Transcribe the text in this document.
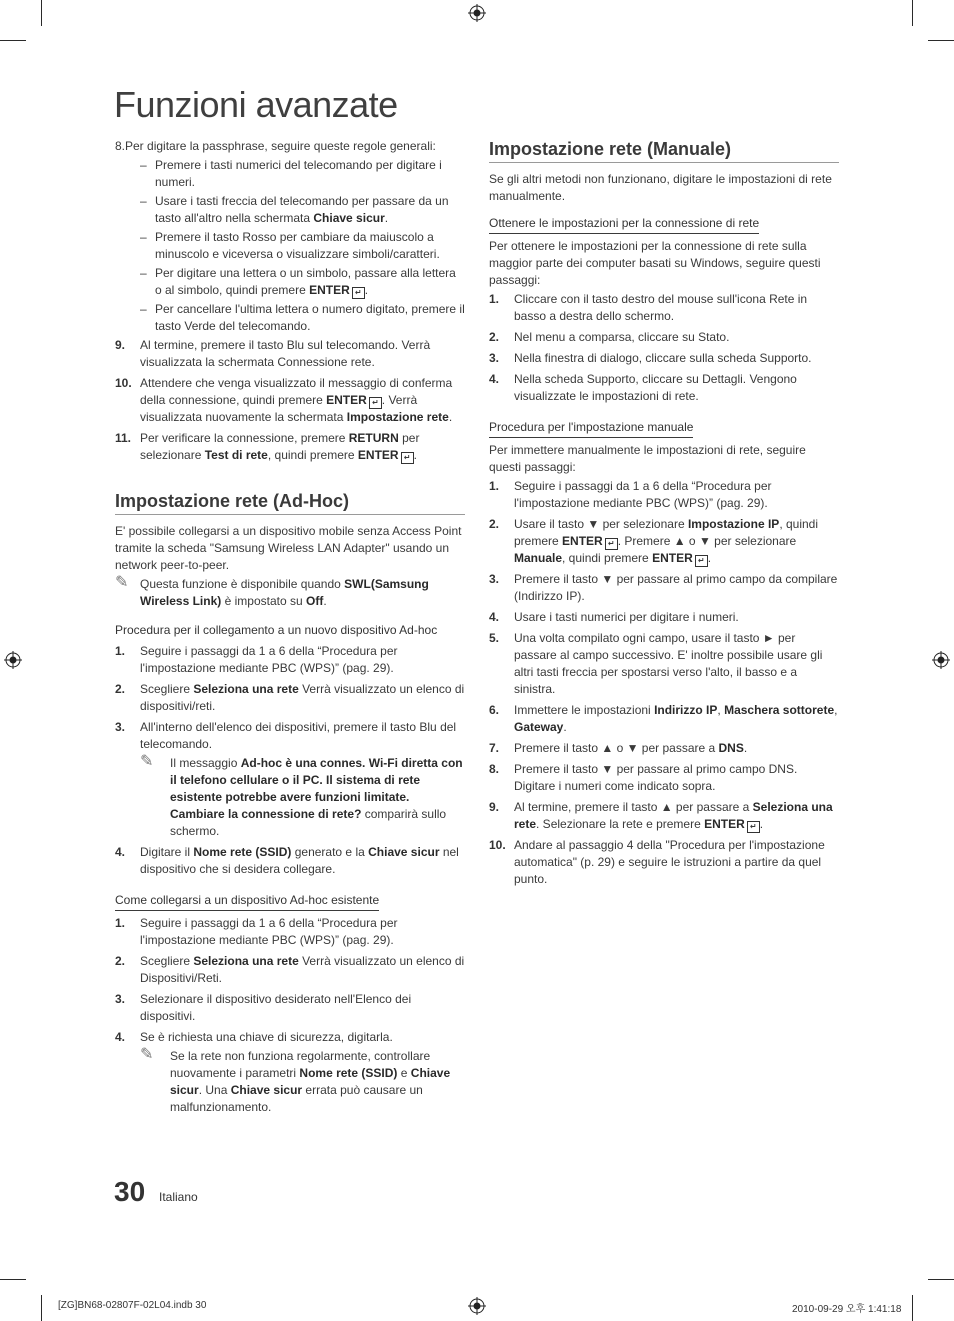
Funzioni avanzate

8.Per digitare la passphrase, seguire queste regole generali:

– Premere i tasti numerici del telecomando per digitare i numeri.
– Usare i tasti freccia del telecomando per passare da un tasto all'altro nella schermata Chiave sicur.
– Premere il tasto Rosso per cambiare da maiuscolo a minuscolo e viceversa o visualizzare simboli/caratteri.
– Per digitare una lettera o un simbolo, passare alla lettera o al simbolo, quindi premere ENTER ↵ .
– Per cancellare l'ultima lettera o numero digitato, premere il tasto Verde del telecomando.
9. Al termine, premere il tasto Blu sul telecomando. Verrà visualizzata la schermata Connessione rete.
10. Attendere che venga visualizzato il messaggio di conferma della connessione, quindi premere ENTER ↵ . Verrà visualizzata nuovamente la schermata Impostazione rete.
11. Per verificare la connessione, premere RETURN per selezionare Test di rete, quindi premere ENTER ↵ .
Impostazione rete (Ad-Hoc)

E' possibile collegarsi a un dispositivo mobile senza Access Point tramite la scheda "Samsung Wireless LAN Adapter" usando un network peer-to-peer.

✎ Questa funzione è disponibile quando SWL(Samsung Wireless Link) è impostato su Off.

Procedura per il collegamento a un nuovo dispositivo Ad-hoc

1. Seguire i passaggi da 1 a 6 della “Procedura per l'impostazione mediante PBC (WPS)” (pag. 29).
2. Scegliere Seleziona una rete Verrà visualizzato un elenco di dispositivi/reti.
3. All'interno dell'elenco dei dispositivi, premere il tasto Blu del telecomando.
✎ Il messaggio Ad-hoc è una connes. Wi-Fi diretta con il telefono cellulare o il PC. Il sistema di rete esistente potrebbe avere funzioni limitate. Cambiare la connessione di rete? comparirà sullo schermo.
4. Digitare il Nome rete (SSID) generato e la Chiave sicur nel dispositivo che si desidera collegare.

Come collegarsi a un dispositivo Ad-hoc esistente

1. Seguire i passaggi da 1 a 6 della “Procedura per l'impostazione mediante PBC (WPS)” (pag. 29).
2. Scegliere Seleziona una rete Verrà visualizzato un elenco di Dispositivi/Reti.
3. Selezionare il dispositivo desiderato nell'Elenco dei dispositivi.
4. Se è richiesta una chiave di sicurezza, digitarla.
✎ Se la rete non funziona regolarmente, controllare nuovamente i parametri Nome rete (SSID) e Chiave sicur. Una Chiave sicur errata può causare un malfunzionamento.
Impostazione rete (Manuale)

Se gli altri metodi non funzionano, digitare le impostazioni di rete manualmente.

Ottenere le impostazioni per la connessione di rete

Per ottenere le impostazioni per la connessione di rete sulla maggior parte dei computer basati su Windows, seguire questi passaggi:

1. Cliccare con il tasto destro del mouse sull'icona Rete in basso a destra dello schermo.
2. Nel menu a comparsa, cliccare su Stato.
3. Nella finestra di dialogo, cliccare sulla scheda Supporto.
4. Nella scheda Supporto, cliccare su Dettagli. Vengono visualizzate le impostazioni di rete.

Procedura per l'impostazione manuale

Per immettere manualmente le impostazioni di rete, seguire questi passaggi:

1. Seguire i passaggi da 1 a 6 della “Procedura per l'impostazione mediante PBC (WPS)” (pag. 29).
2. Usare il tasto ▼ per selezionare Impostazione IP, quindi premere ENTER ↵ . Premere ▲ o ▼ per selezionare Manuale, quindi premere ENTER ↵ .
3. Premere il tasto ▼ per passare al primo campo da compilare (Indirizzo IP).
4. Usare i tasti numerici per digitare i numeri.
5. Una volta compilato ogni campo, usare il tasto ► per passare al campo successivo. E' inoltre possibile usare gli altri tasti freccia per spostarsi verso l'alto, il basso e a sinistra.
6. Immettere le impostazioni Indirizzo IP, Maschera sottorete, Gateway.
7. Premere il tasto ▲ o ▼ per passare a DNS.
8. Premere il tasto ▼ per passare al primo campo DNS. Digitare i numeri come indicato sopra.
9. Al termine, premere il tasto ▲ per passare a Seleziona una rete. Selezionare la rete e premere ENTER ↵ .
10. Andare al passaggio 4 della "Procedura per l'impostazione automatica" (p. 29) e seguire le istruzioni a partire da quel punto.
30 Italiano
[ZG]BN68-02807F-02L04.indb 30	2010-09-29 오후 1:41:18
